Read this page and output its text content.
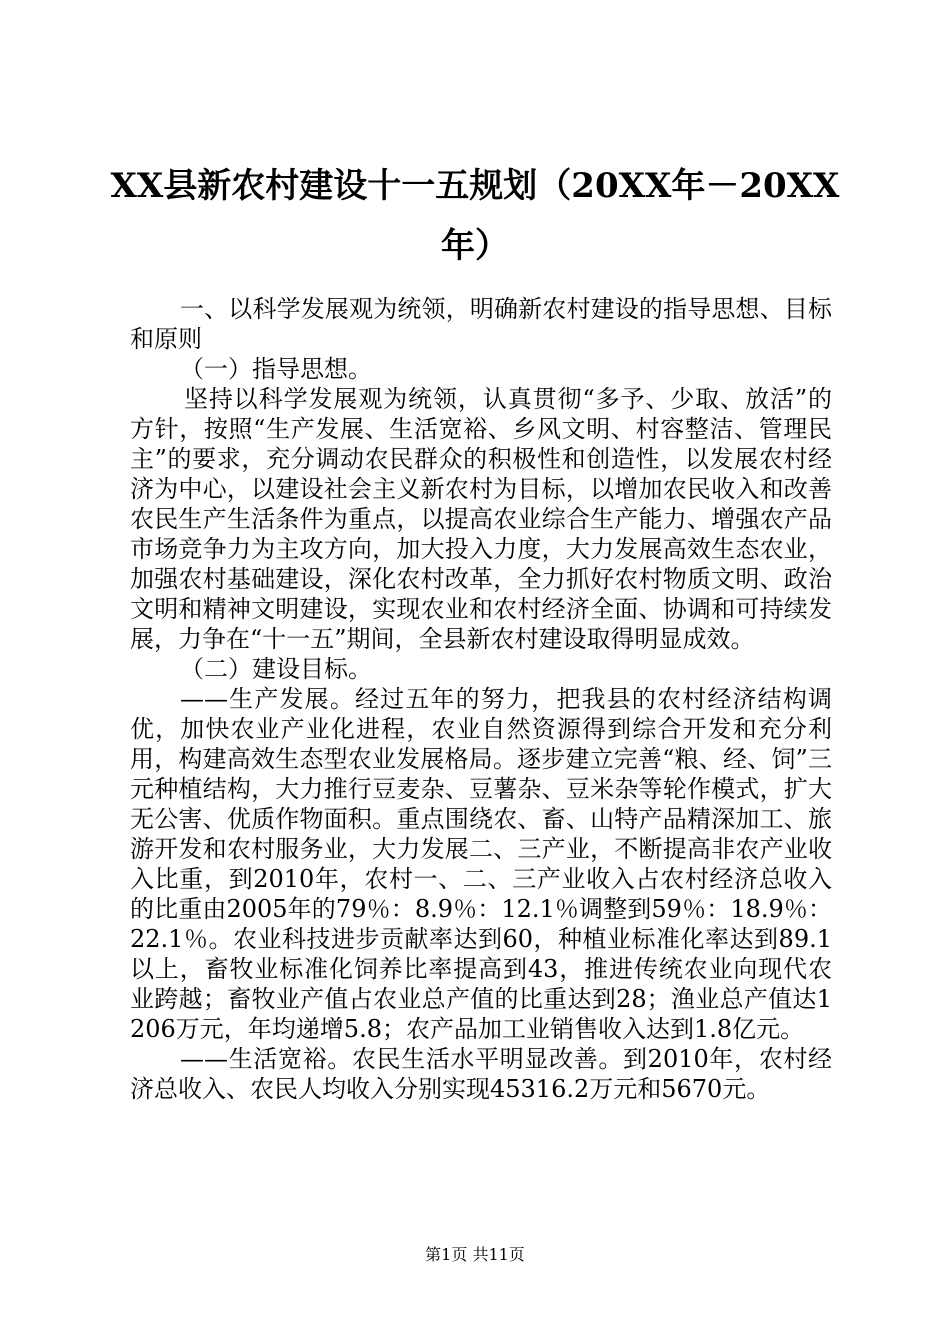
XX县新农村建设十一五规划（20XX年－20XX年）

一、以科学发展观为统领，明确新农村建设的指导思想、目标和原则

（一）指导思想。

坚持以科学发展观为统领，认真贯彻“多予、少取、放活”的方针，按照“生产发展、生活宽裕、乡风文明、村容整洁、管理民主”的要求，充分调动农民群众的积极性和创造性，以发展农村经济为中心，以建设社会主义新农村为目标，以增加农民收入和改善农民生产生活条件为重点，以提高农业综合生产能力、增强农产品市场竞争力为主攻方向，加大投入力度，大力发展高效生态农业，加强农村基础建设，深化农村改革，全力抓好农村物质文明、政治文明和精神文明建设，实现农业和农村经济全面、协调和可持续发展，力争在“十一五”期间，全县新农村建设取得明显成效。

（二）建设目标。

——生产发展。经过五年的努力，把我县的农村经济结构调优，加快农业产业化进程，农业自然资源得到综合开发和充分利用，构建高效生态型农业发展格局。逐步建立完善“粮、经、饲”三元种植结构，大力推行豆麦杂、豆薯杂、豆米杂等轮作模式，扩大无公害、优质作物面积。重点围绕农、畜、山特产品精深加工、旅游开发和农村服务业，大力发展二、三产业，不断提高非农产业收入比重，到2010年，农村一、二、三产业收入占农村经济总收入的比重由2005年的79％：8.9％：12.1％调整到59％：18.9％：22.1％。农业科技进步贡献率达到60，种植业标准化率达到89.1以上，畜牧业标准化饲养比率提高到43，推进传统农业向现代农业跨越；畜牧业产值占农业总产值的比重达到28；渔业总产值达1206万元，年均递增5.8；农产品加工业销售收入达到1.8亿元。

——生活宽裕。农民生活水平明显改善。到2010年，农村经济总收入、农民人均收入分别实现45316.2万元和5670元。

第1页 共11页
